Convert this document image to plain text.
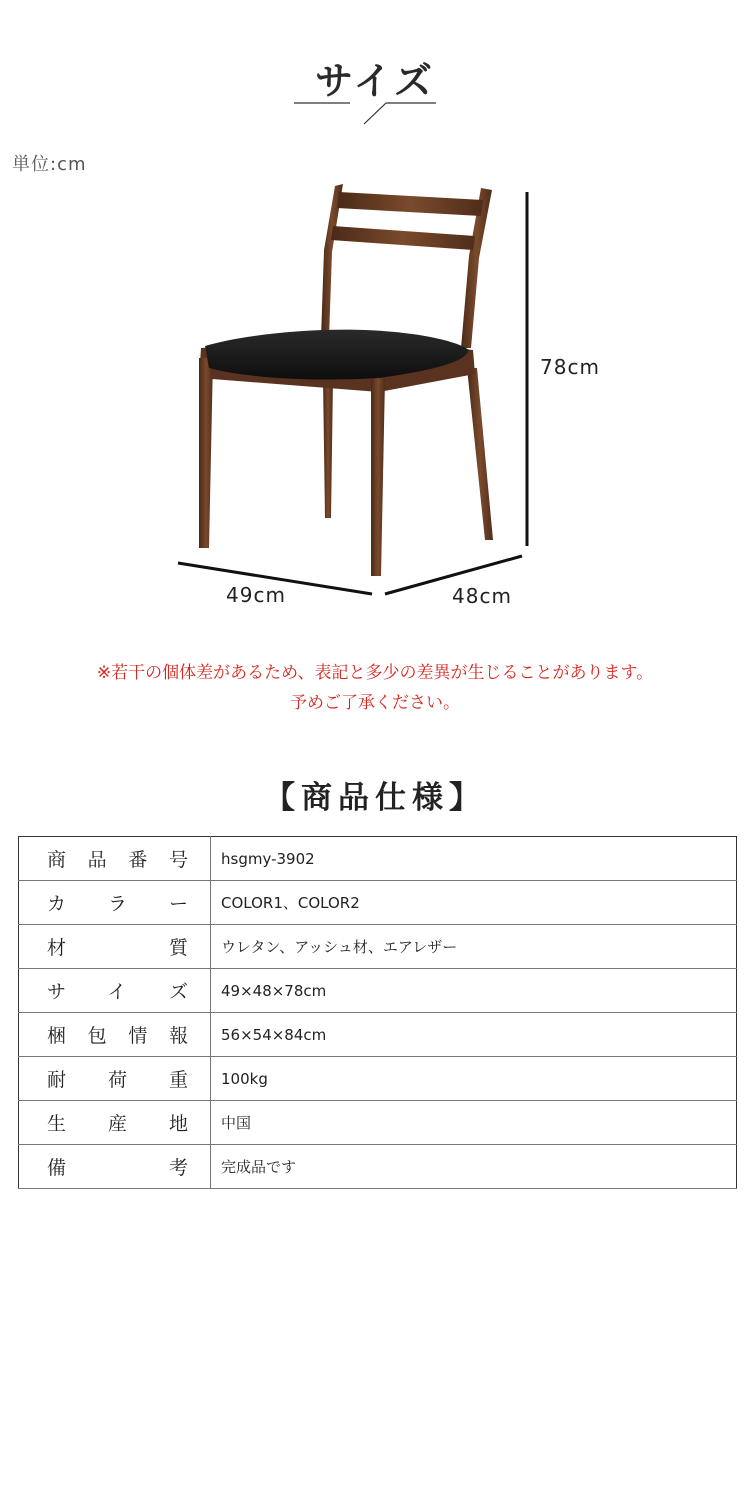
サイズ
単位:cm
78cm
49cm	48cm
※若干の個体差があるため、表記と多少の差異が生じることがあります。
予めご了承ください。
【商品仕様】
商品番号	hsgmy-3902
カラー	COLOR1、COLOR2
材質	ウレタン、アッシュ材、エアレザー
サイズ	49×48×78cm
梱包情報	56×54×84cm
耐荷重	100kg
生産地	中国
備考	完成品です
